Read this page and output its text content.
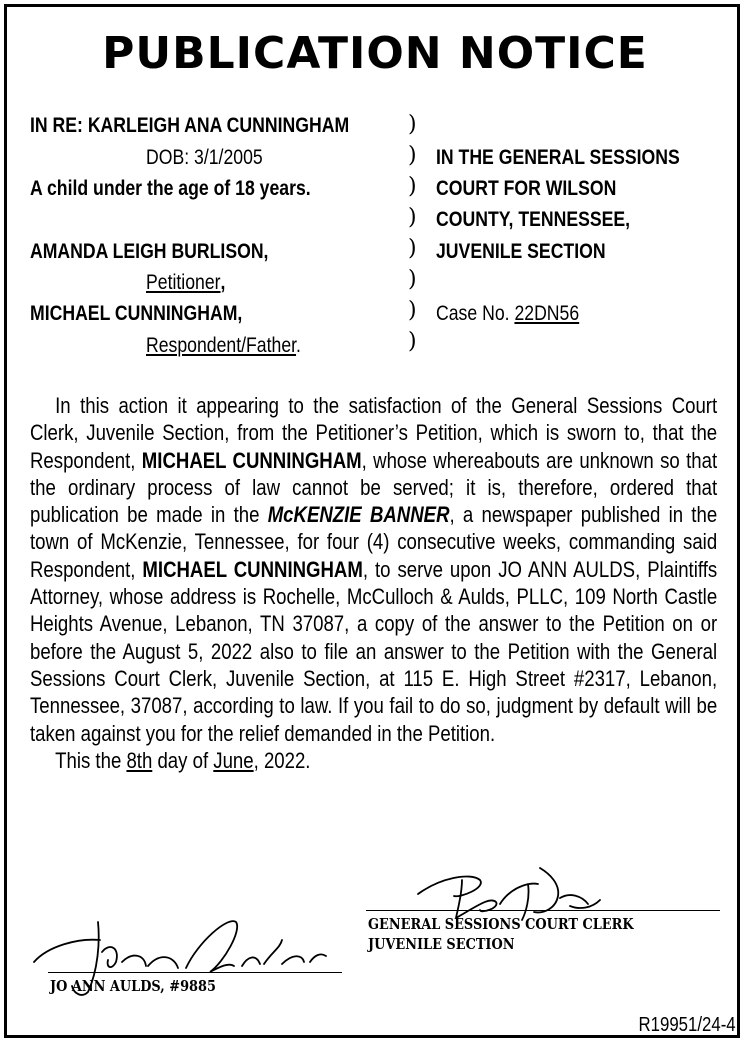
PUBLICATION NOTICE
IN RE: KARLEIGH ANA CUNNINGHAM
DOB: 3/1/2005
A child under the age of 18 years.
AMANDA LEIGH BURLISON,
Petitioner,
MICHAEL CUNNINGHAM,
Respondent/Father.
)
)
)
)
)
)
)
)
IN THE GENERAL SESSIONS
COURT FOR WILSON
COUNTY, TENNESSEE,
JUVENILE SECTION
Case No. 22DN56

In this action it appearing to the satisfaction of the General Sessions Court Clerk, Juvenile Section, from the Petitioner’s Petition, which is sworn to, that the Respondent, MICHAEL CUNNINGHAM, whose whereabouts are unknown so that the ordinary process of law cannot be served; it is, therefore, ordered that publication be made in the McKENZIE BANNER, a newspaper published in the town of McKenzie, Tennessee, for four (4) consecutive weeks, commanding said Respondent, MICHAEL CUNNINGHAM, to serve upon JO ANN AULDS, Plaintiffs Attorney, whose address is Rochelle, McCulloch & Aulds, PLLC, 109 North Castle Heights Avenue, Lebanon, TN 37087, a copy of the answer to the Petition on or before the August 5, 2022 also to file an answer to the Petition with the General Sessions Court Clerk, Juvenile Section, at 115 E. High Street #2317, Lebanon, Tennessee, 37087, according to law. If you fail to do so, judgment by default will be taken against you for the relief demanded in the Petition.

This the 8th day of June, 2022.

GENERAL SESSIONS COURT CLERK
JUVENILE SECTION
JO ANN AULDS, #9885
R19951/24-4
